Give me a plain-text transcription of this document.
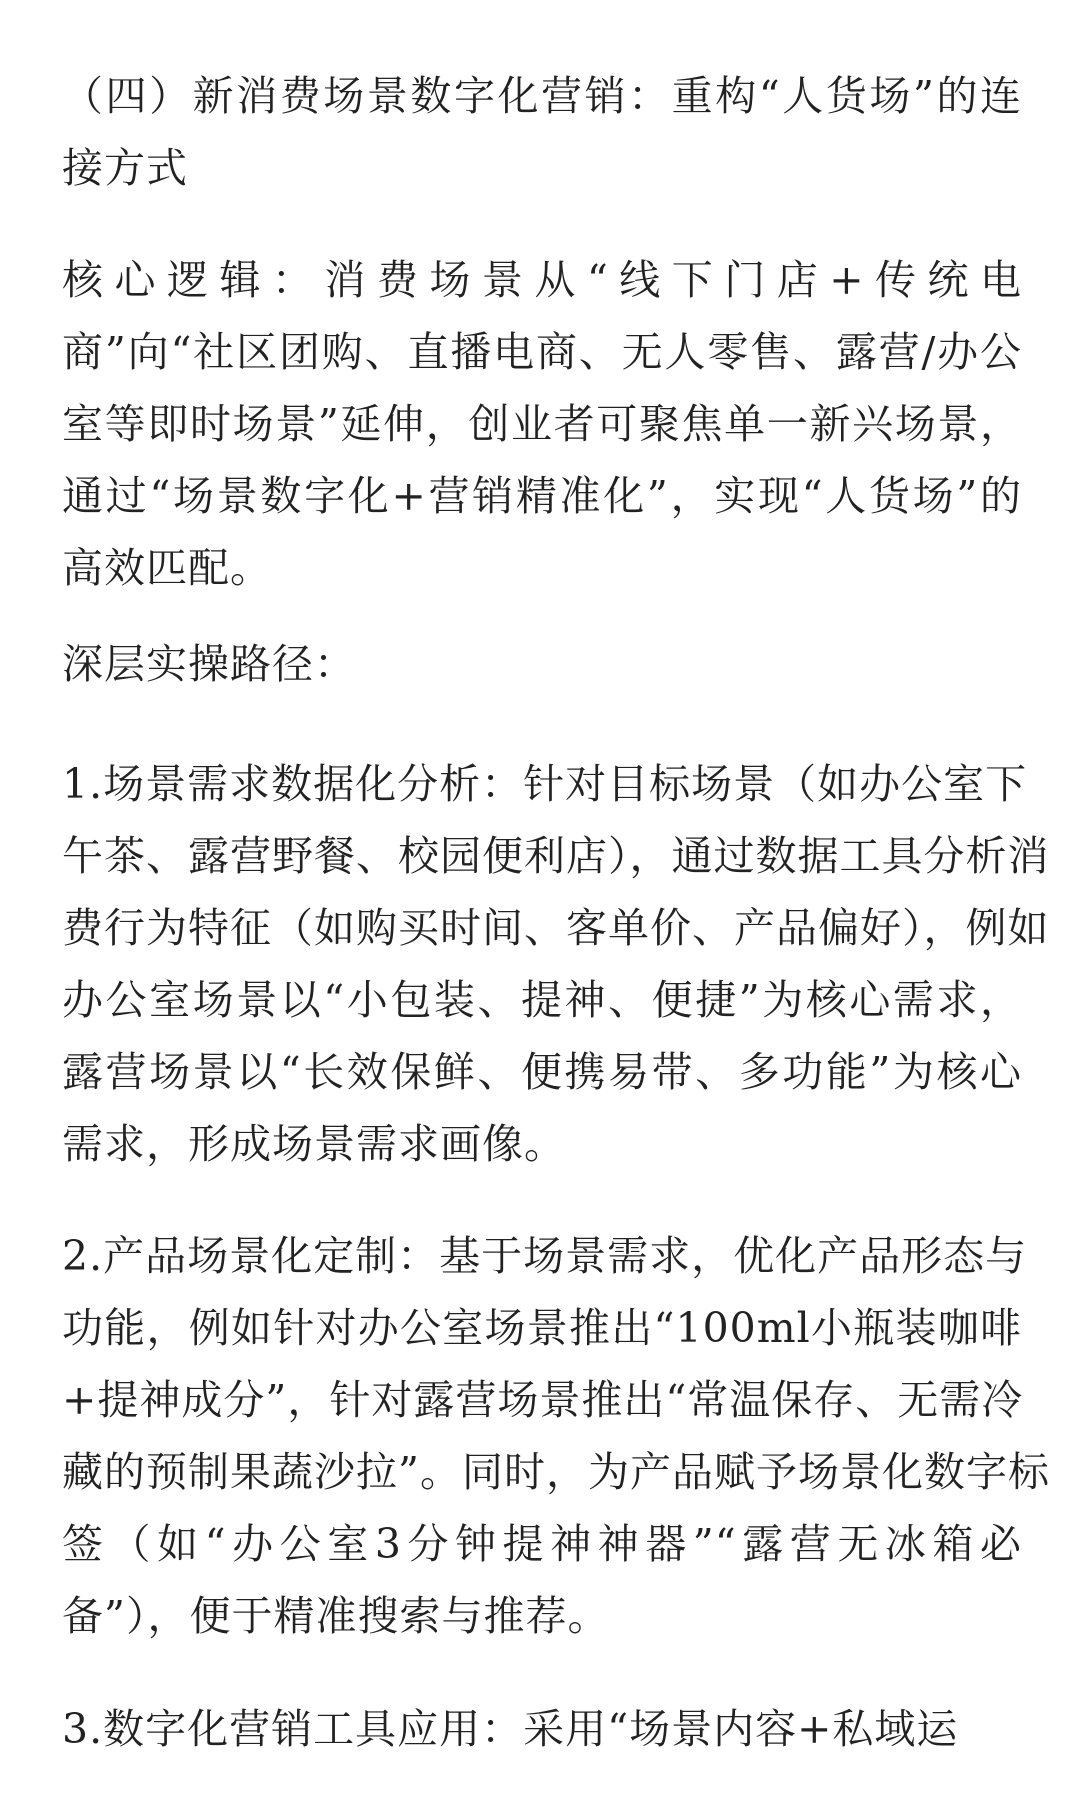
（四）新消费场景数字化营销：重构“人货场”的连
接方式

核心逻辑：消费场景从“线下门店+传统电
商”向“社区团购、直播电商、无人零售、露营/办公
室等即时场景”延伸，创业者可聚焦单一新兴场景，
通过“场景数字化+营销精准化”，实现“人货场”的
高效匹配。

深层实操路径：

1.场景需求数据化分析：针对目标场景（如办公室下
午茶、露营野餐、校园便利店），通过数据工具分析消
费行为特征（如购买时间、客单价、产品偏好），例如
办公室场景以“小包装、提神、便捷”为核心需求，
露营场景以“长效保鲜、便携易带、多功能”为核心
需求，形成场景需求画像。

2.产品场景化定制：基于场景需求，优化产品形态与
功能，例如针对办公室场景推出“100ml小瓶装咖啡
+提神成分”，针对露营场景推出“常温保存、无需冷
藏的预制果蔬沙拉”。同时，为产品赋予场景化数字标
签（如“办公室3分钟提神神器”“露营无冰箱必
备”），便于精准搜索与推荐。

3.数字化营销工具应用：采用“场景内容+私域运
